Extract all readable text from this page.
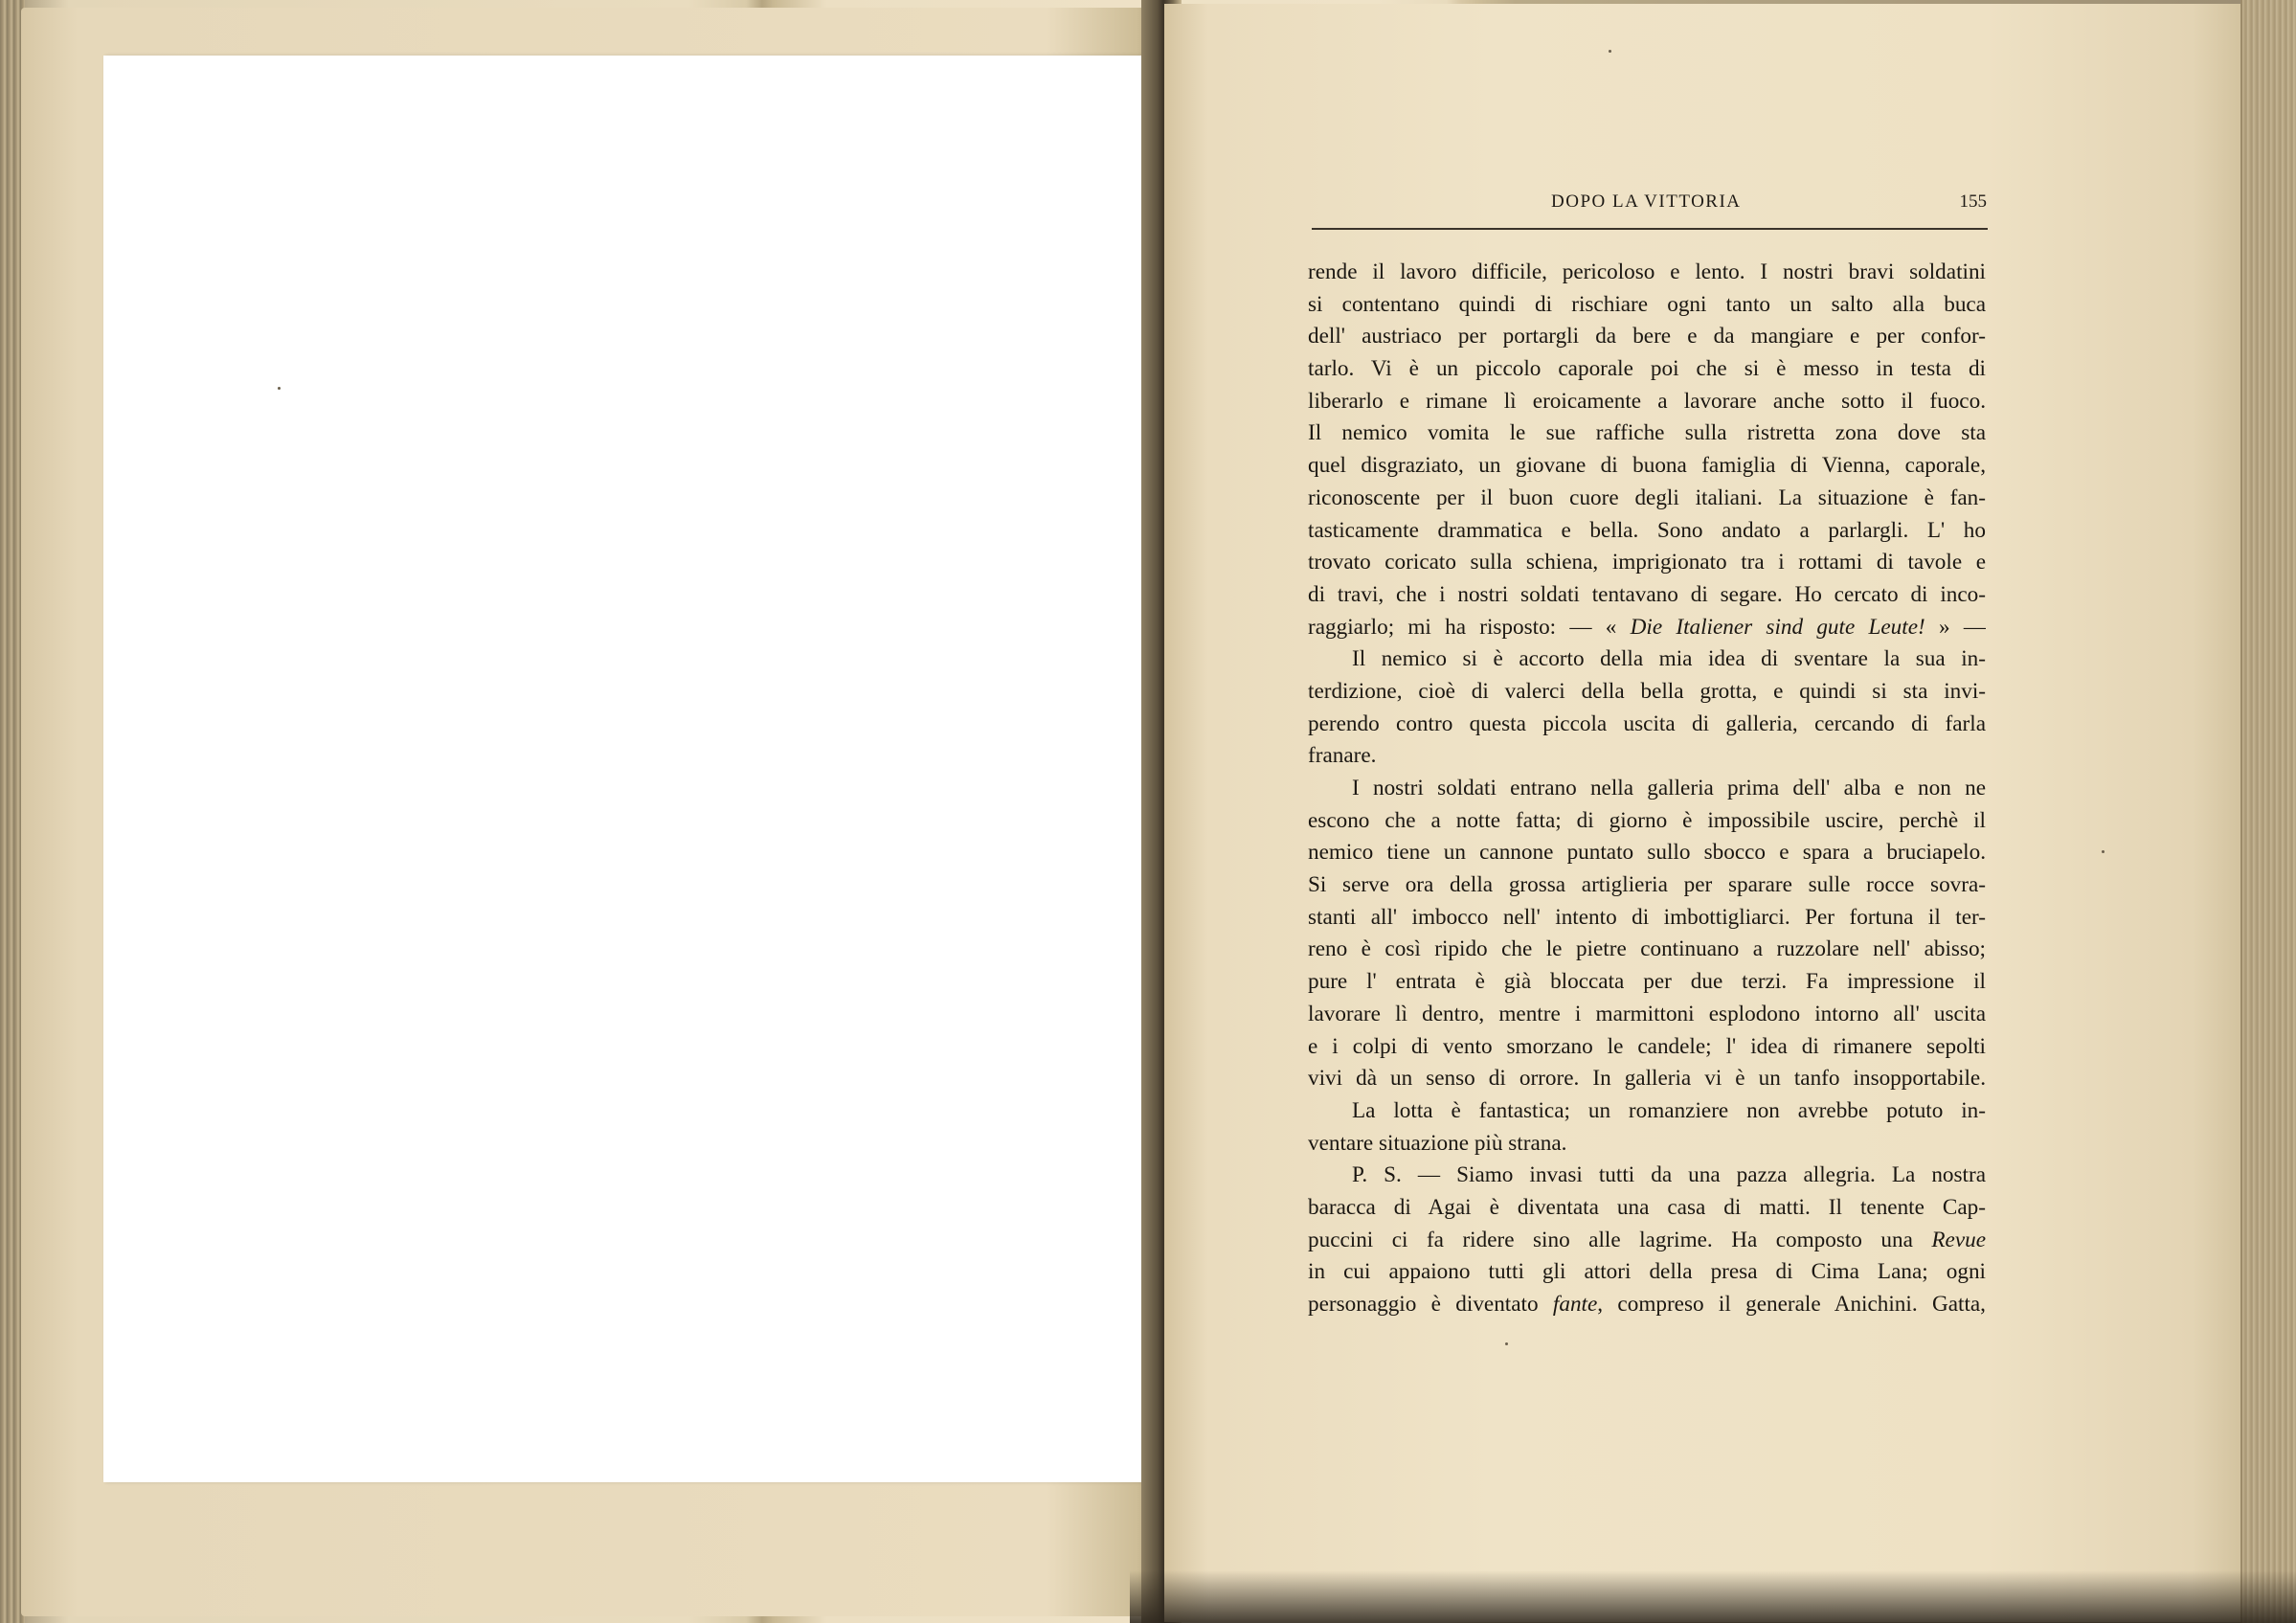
DOPO LA VITTORIA	155
rende il lavoro difficile, pericoloso e lento. I nostri bravi soldatini
si contentano quindi di rischiare ogni tanto un salto alla buca
dell' austriaco per portargli da bere e da mangiare e per confor-
tarlo. Vi è un piccolo caporale poi che si è messo in testa di
liberarlo e rimane lì eroicamente a lavorare anche sotto il fuoco.
Il nemico vomita le sue raffiche sulla ristretta zona dove sta
quel disgraziato, un giovane di buona famiglia di Vienna, caporale,
riconoscente per il buon cuore degli italiani. La situazione è fan-
tasticamente drammatica e bella. Sono andato a parlargli. L' ho
trovato coricato sulla schiena, imprigionato tra i rottami di tavole e
di travi, che i nostri soldati tentavano di segare. Ho cercato di inco-
raggiarlo; mi ha risposto: — « Die Italiener sind gute Leute! » —
Il nemico si è accorto della mia idea di sventare la sua in-
terdizione, cioè di valerci della bella grotta, e quindi si sta invi-
perendo contro questa piccola uscita di galleria, cercando di farla
franare.
I nostri soldati entrano nella galleria prima dell' alba e non ne
escono che a notte fatta; di giorno è impossibile uscire, perchè il
nemico tiene un cannone puntato sullo sbocco e spara a bruciapelo.
Si serve ora della grossa artiglieria per sparare sulle rocce sovra-
stanti all' imbocco nell' intento di imbottigliarci. Per fortuna il ter-
reno è così ripido che le pietre continuano a ruzzolare nell' abisso;
pure l' entrata è già bloccata per due terzi. Fa impressione il
lavorare lì dentro, mentre i marmittoni esplodono intorno all' uscita
e i colpi di vento smorzano le candele; l' idea di rimanere sepolti
vivi dà un senso di orrore. In galleria vi è un tanfo insopportabile.
La lotta è fantastica; un romanziere non avrebbe potuto in-
ventare situazione più strana.
P. S. — Siamo invasi tutti da una pazza allegria. La nostra
baracca di Agai è diventata una casa di matti. Il tenente Cap-
puccini ci fa ridere sino alle lagrime. Ha composto una Revue
in cui appaiono tutti gli attori della presa di Cima Lana; ogni
personaggio è diventato fante, compreso il generale Anichini. Gatta,
